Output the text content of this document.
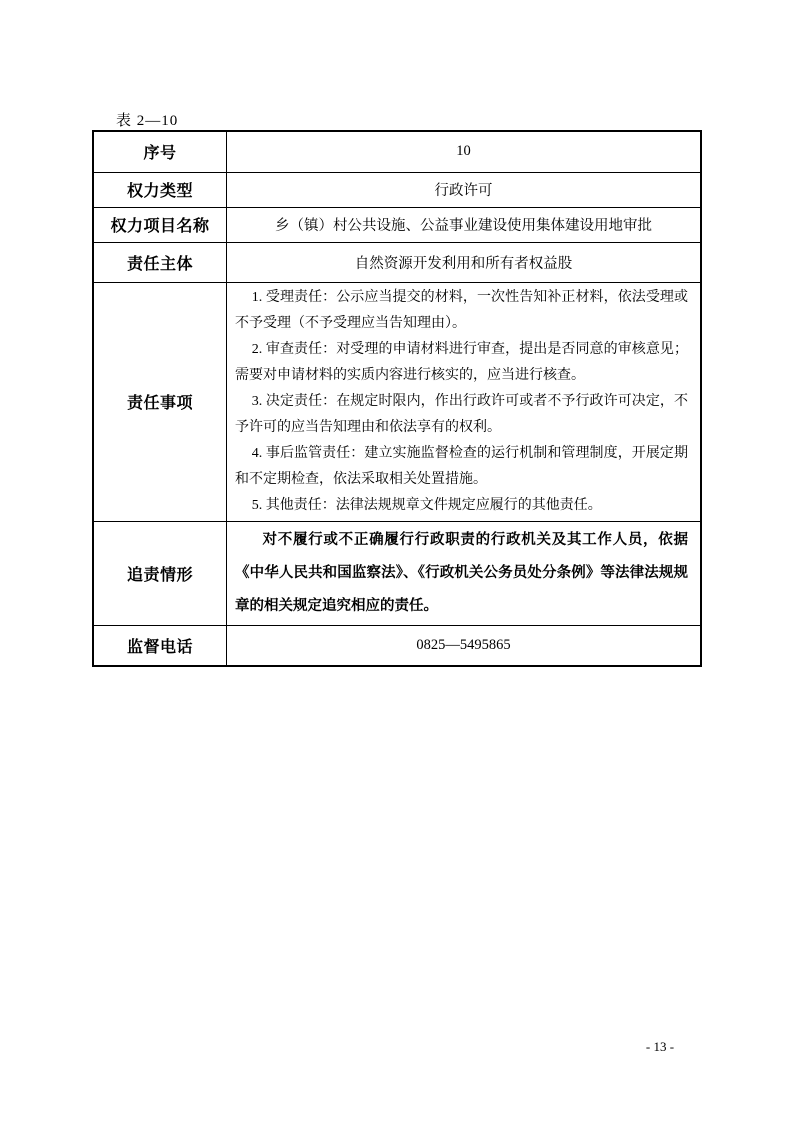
表 2—10
序号	10
权力类型	行政许可
权力项目名称	乡（镇）村公共设施、公益事业建设使用集体建设用地审批
责任主体	自然资源开发利用和所有者权益股
责任事项	1. 受理责任：公示应当提交的材料，一次性告知补正材料，依法受理或不予受理（不予受理应当告知理由）。

2. 审查责任：对受理的申请材料进行审查，提出是否同意的审核意见；需要对申请材料的实质内容进行核实的，应当进行核查。

3. 决定责任：在规定时限内，作出行政许可或者不予行政许可决定，不予许可的应当告知理由和依法享有的权利。

4. 事后监管责任：建立实施监督检查的运行机制和管理制度，开展定期和不定期检查，依法采取相关处置措施。

5. 其他责任：法律法规规章文件规定应履行的其他责任。

追责情形	对不履行或不正确履行行政职责的行政机关及其工作人员，依据《中华人民共和国监察法》、《行政机关公务员处分条例》等法律法规规章的相关规定追究相应的责任。

监督电话	0825—5495865
- 13 -
